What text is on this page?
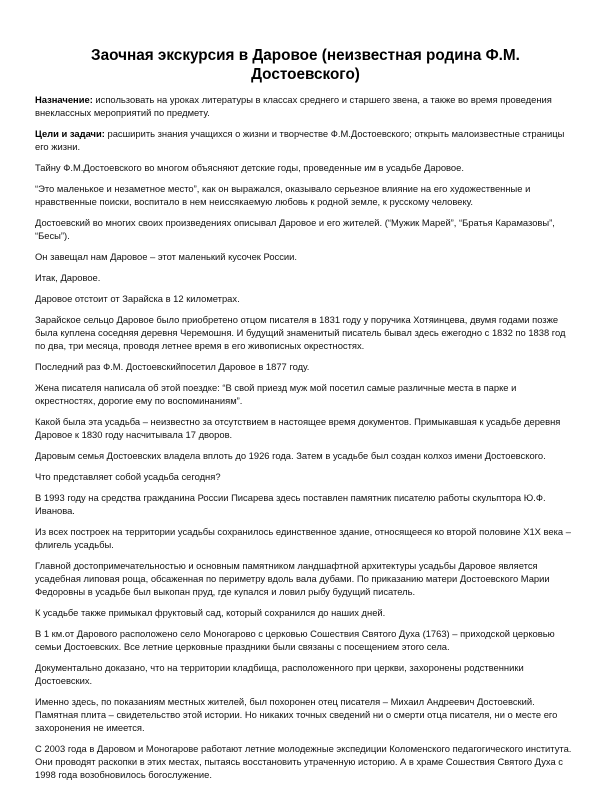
Заочная экскурсия в Даровое (неизвестная родина Ф.М. Достоевского)

Назначение: использовать на уроках литературы в классах среднего и старшего звена, а также во время проведения внеклассных мероприятий по предмету.

Цели и задачи: расширить знания учащихся о жизни и творчестве Ф.М.Достоевского; открыть малоизвестные страницы его жизни.

Тайну Ф.М.Достоевского во многом объясняют детские годы, проведенные им в усадьбе Даровое.

“Это маленькое и незаметное место”, как он выражался, оказывало серьезное влияние на его художественные и нравственные поиски, воспитало в нем неиссякаемую любовь к родной земле, к русскому человеку.

Достоевский во многих своих произведениях описывал Даровое и его жителей. (“Мужик Марей”, “Братья Карамазовы”, “Бесы”).

Он завещал нам Даровое – этот маленький кусочек России.

Итак, Даровое.

Даровое отстоит от Зарайска в 12 километрах.

Зарайское сельцо Даровое было приобретено отцом писателя в 1831 году у поручика Хотяинцева, двумя годами позже была куплена соседняя деревня Черемошня. И будущий знаменитый писатель бывал здесь ежегодно с 1832 по 1838 год по два, три месяца, проводя летнее время в его живописных окрестностях.

Последний раз Ф.М. Достоевскийпосетил Даровое в 1877 году.

Жена писателя написала об этой поездке: “В свой приезд муж мой посетил самые различные места в парке и окрестностях, дорогие ему по воспоминаниям”.

Какой была эта усадьба – неизвестно за отсутствием в настоящее время документов. Примыкавшая к усадьбе деревня Даровое к 1830 году насчитывала 17 дворов.

Даровым семья Достоевских владела вплоть до 1926 года. Затем в усадьбе был создан колхоз имени Достоевского.

Что представляет собой усадьба сегодня?

В 1993 году на средства гражданина России Писарева здесь поставлен памятник писателю работы скульптора Ю.Ф. Иванова.

Из всех построек на территории усадьбы сохранилось единственное здание, относящееся ко второй половине Х1Х века – флигель усадьбы.

Главной достопримечательностью и основным памятником ландшафтной архитектуры усадьбы Даровое является усадебная липовая роща, обсаженная по периметру вдоль вала дубами. По приказанию матери Достоевского Марии Федоровны в усадьбе был выкопан пруд, где купался и ловил рыбу будущий писатель.

К усадьбе также примыкал фруктовый сад, который сохранился до наших дней.

В 1 км.от Дарового расположено село Моногарово с церковью Сошествия Святого Духа (1763) – приходской церковью семьи Достоевских. Все летние церковные праздники были связаны с посещением этого села.

Документально доказано, что на территории кладбища, расположенного при церкви, захоронены родственники Достоевских.

Именно здесь, по показаниям местных жителей, был похоронен отец писателя – Михаил Андреевич Достоевский. Памятная плита – свидетельство этой истории. Но никаких точных сведений ни о смерти отца писателя, ни о месте его захоронения не имеется.

С 2003 года в Даровом и Моногарове работают летние молодежные экспедиции Коломенского педагогического института. Они проводят раскопки в этих местах, пытаясь восстановить утраченную историю. А в храме Сошествия Святого Духа с 1998 года возобновилось богослужение.
